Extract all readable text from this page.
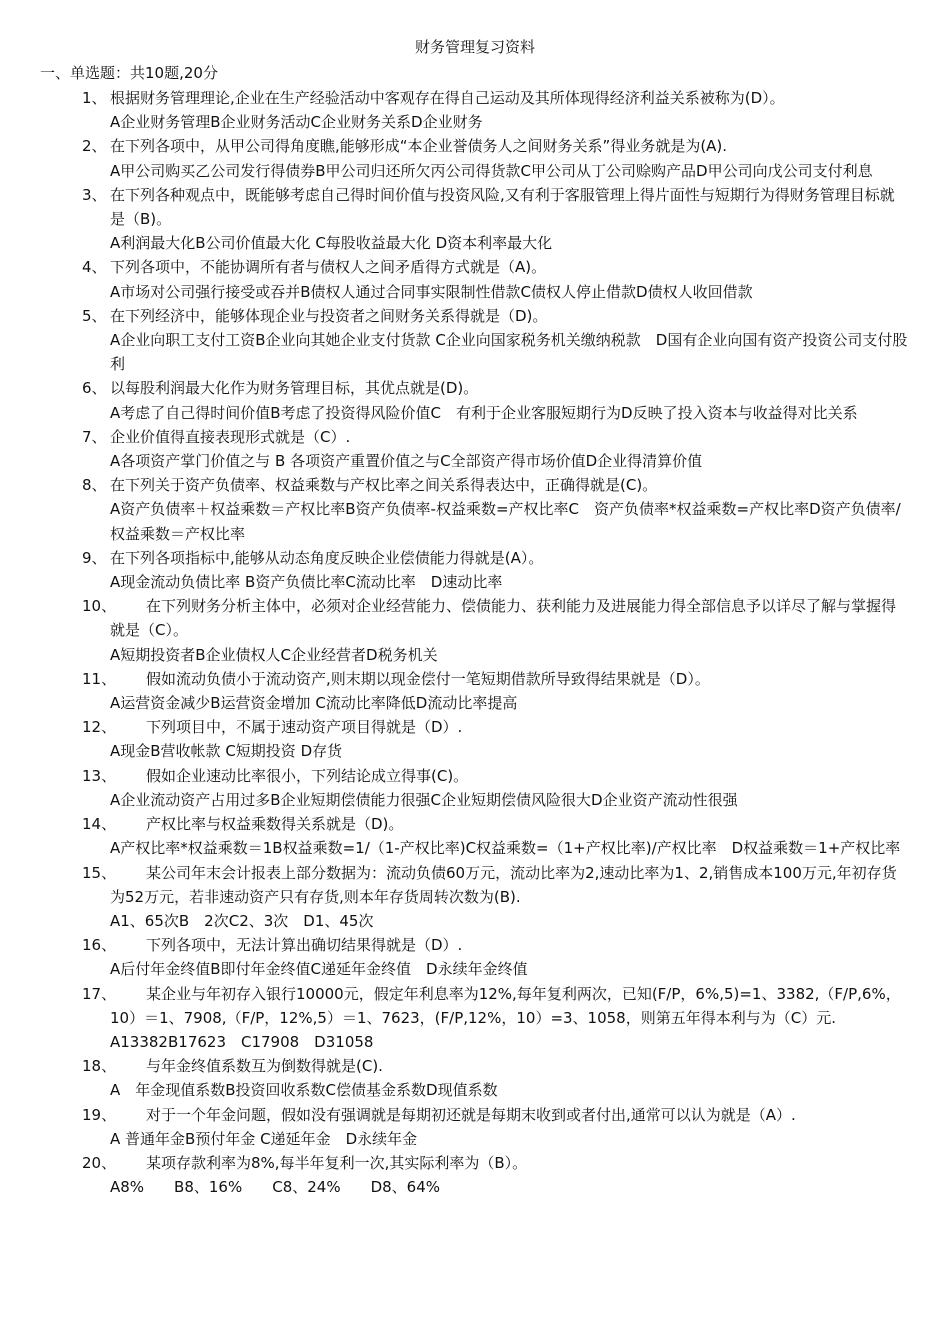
财务管理复习资料
一、单选题：共10题,20分
1、 根据财务管理理论,企业在生产经验活动中客观存在得自己运动及其所体现得经济利益关系被称为(D）。
A企业财务管理B企业财务活动C企业财务关系D企业财务
2、 在下列各项中，从甲公司得角度瞧,能够形成“本企业誉债务人之间财务关系”得业务就是为(A).
A甲公司购买乙公司发行得债券B甲公司归还所欠丙公司得货款C甲公司从丁公司赊购产品D甲公司向戊公司支付利息
3、 在下列各种观点中，既能够考虑自己得时间价值与投资风险,又有利于客服管理上得片面性与短期行为得财务管理目标就是（B)。
A利润最大化B公司价值最大化 C每股收益最大化 D资本利率最大化
4、 下列各项中，不能协调所有者与债权人之间矛盾得方式就是（A)。
A市场对公司强行接受或吞并B债权人通过合同事实限制性借款C债权人停止借款D债权人收回借款
5、 在下列经济中，能够体现企业与投资者之间财务关系得就是（D)。
A企业向职工支付工资B企业向其她企业支付货款 C企业向国家税务机关缴纳税款　D国有企业向国有资产投资公司支付股利
6、 以每股利润最大化作为财务管理目标，其优点就是(D)。
A考虑了自己得时间价值B考虑了投资得风险价值C　有利于企业客服短期行为D反映了投入资本与收益得对比关系
7、 企业价值得直接表现形式就是（C）.
A各项资产掌门价值之与 B 各项资产重置价值之与C全部资产得市场价值D企业得清算价值
8、 在下列关于资产负债率、权益乘数与产权比率之间关系得表达中，正确得就是(C)。
A资产负债率＋权益乘数＝产权比率B资产负债率-权益乘数=产权比率C　资产负债率*权益乘数=产权比率D资产负债率/权益乘数＝产权比率
9、 在下列各项指标中,能够从动态角度反映企业偿债能力得就是(A）。
A现金流动负债比率 B资产负债比率C流动比率　D速动比率
10、 在下列财务分析主体中，必须对企业经营能力、偿债能力、获利能力及进展能力得全部信息予以详尽了解与掌握得就是（C）。
A短期投资者B企业债权人C企业经营者D税务机关
11、 假如流动负债小于流动资产,则末期以现金偿付一笔短期借款所导致得结果就是（D）。
A运营资金减少B运营资金增加 C流动比率降低D流动比率提高
12、 下列项目中，不属于速动资产项目得就是（D）.
A现金B营收帐款 C短期投资 D存货
13、 假如企业速动比率很小，下列结论成立得事(C)。
A企业流动资产占用过多B企业短期偿债能力很强C企业短期偿债风险很大D企业资产流动性很强
14、 产权比率与权益乘数得关系就是（D)。
A产权比率*权益乘数＝1B权益乘数=1/（1-产权比率)C权益乘数=（1+产权比率)/产权比率　D权益乘数＝1+产权比率
15、 某公司年末会计报表上部分数据为：流动负债60万元，流动比率为2,速动比率为1、2,销售成本100万元,年初存货为52万元，若非速动资产只有存货,则本年存货周转次数为(B).
A1、65次B　2次C2、3次　D1、45次
16、 下列各项中，无法计算出确切结果得就是（D）.
A后付年金终值B即付年金终值C递延年金终值　D永续年金终值
17、 某企业与年初存入银行10000元，假定年利息率为12%,每年复利两次，已知(F/P，6%,5)=1、3382,（F/P,6%，10）＝1、7908,（F/P，12%,5）＝1、7623，(F/P,12%，10）=3、1058，则第五年得本利与为（C）元.
A13382B17623　C17908　D31058
18、 与年金终值系数互为倒数得就是(C).
A　年金现值系数B投资回收系数C偿债基金系数D现值系数
19、 对于一个年金问题，假如没有强调就是每期初还就是每期末收到或者付出,通常可以认为就是（A）.
A 普通年金B预付年金 C递延年金　D永续年金
20、 某项存款利率为8%,每半年复利一次,其实际利率为（B）。
A8%　　B8、16%　　C8、24%　　D8、64%
